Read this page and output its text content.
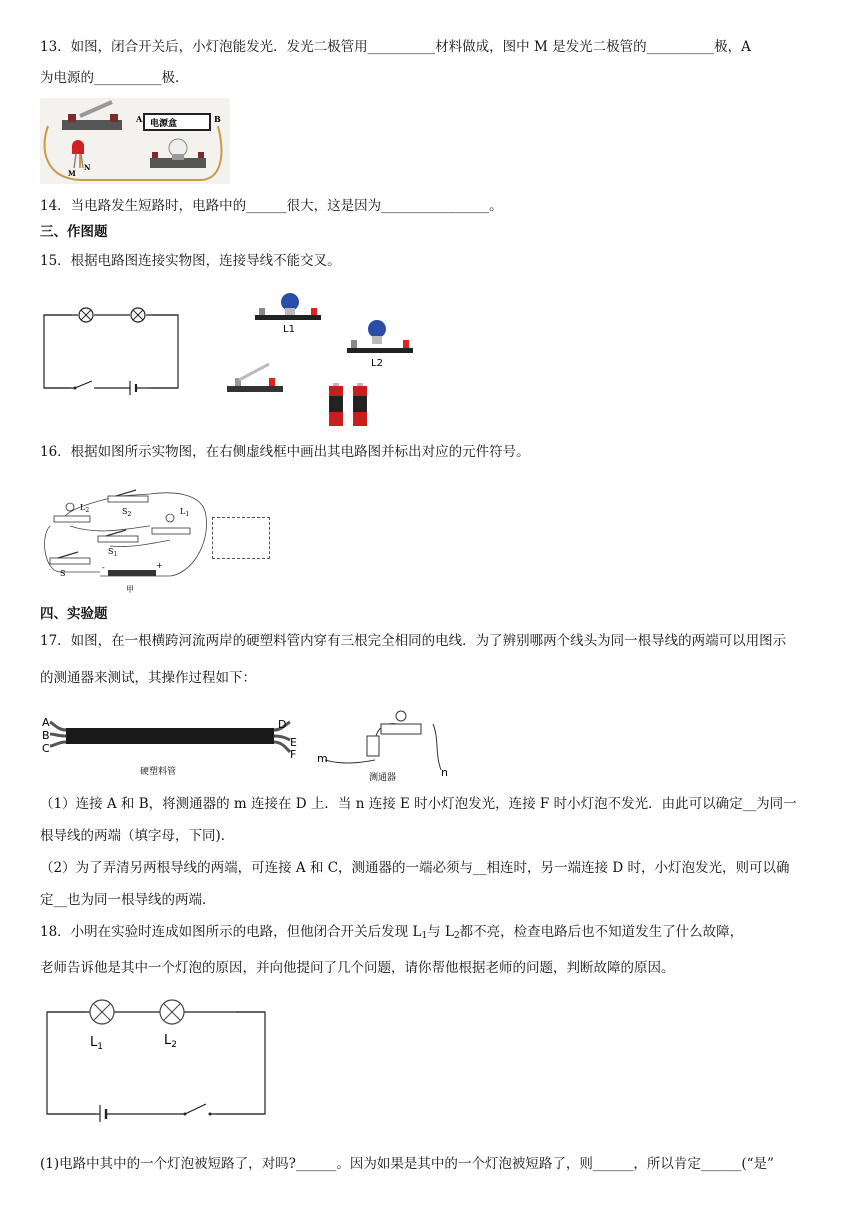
13．如图，闭合开关后，小灯泡能发光．发光二极管用__________材料做成，图中 M 是发光二极管的__________极，A
为电源的__________极．
电源盒
A	B
M
N
14．当电路发生短路时，电路中的______很大，这是因为________________。
三、作图题
15．根据电路图连接实物图，连接导线不能交叉。
L1
L2
16．根据如图所示实物图，在右侧虚线框中画出其电路图并标出对应的元件符号。
$L_2$	$S_2$	$L_1$
$S_1$
S
-	+
甲
四、实验题
17．如图，在一根横跨河流两岸的硬塑料管内穿有三根完全相同的电线．为了辨别哪两个线头为同一根导线的两端可以用图示
的测通器来测试，其操作过程如下：
A
B
C
D
E
F
硬塑料管
m
n
测通器
（1）连接 A 和 B，将测通器的 m 连接在 D 上．当 n 连接 E 时小灯泡发光，连接 F 时小灯泡不发光．由此可以确定__为同一
根导线的两端（填字母，下同)．
（2）为了弄清另两根导线的两端，可连接 A 和 C，测通器的一端必须与__相连时，另一端连接 D 时，小灯泡发光，则可以确
定__也为同一根导线的两端．
18．小明在实验时连成如图所示的电路，但他闭合开关后发现 $L_1$与 $L_2$都不亮，检查电路后也不知道发生了什么故障，
老师告诉他是其中一个灯泡的原因，并向他提问了几个问题，请你帮他根据老师的问题，判断故障的原因。
$L_1$	$L_2$
(1)电路中其中的一个灯泡被短路了，对吗?______。因为如果是其中的一个灯泡被短路了，则______，所以肯定______(“是”
